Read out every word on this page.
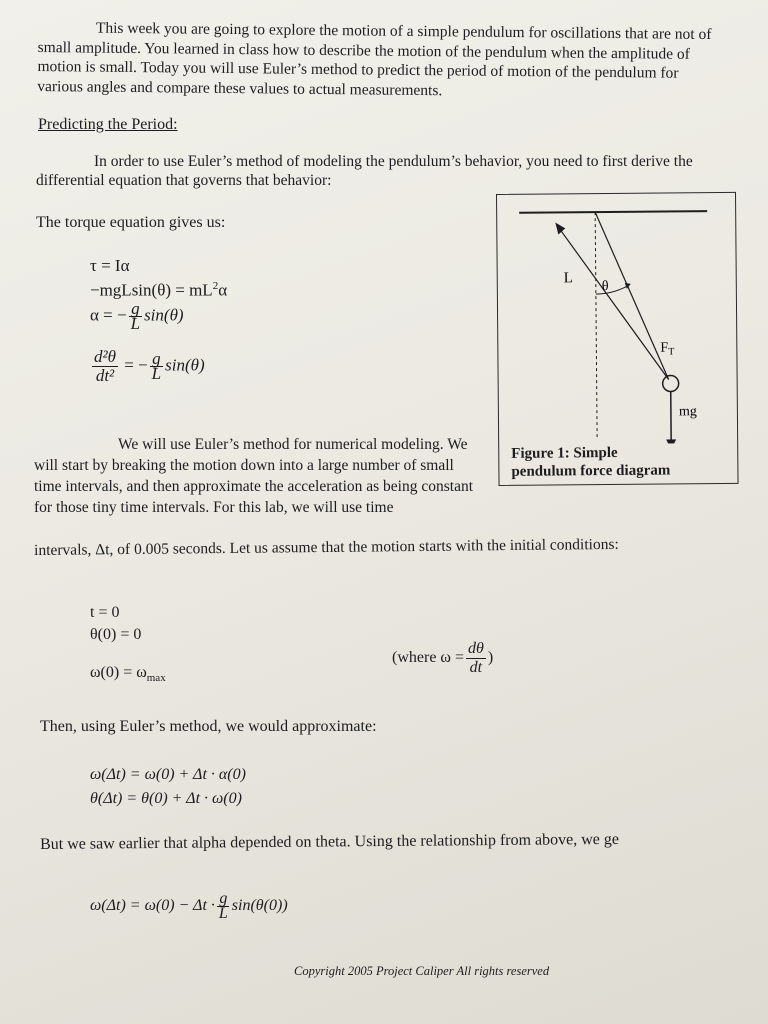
This week you are going to explore the motion of a simple pendulum for oscillations that are not of small amplitude. You learned in class how to describe the motion of the pendulum when the amplitude of motion is small. Today you will use Euler’s method to predict the period of motion of the pendulum for various angles and compare these values to actual measurements.

Predicting the Period:

In order to use Euler’s method of modeling the pendulum’s behavior, you need to first derive the differential equation that governs that behavior:

The torque equation gives us:
τ = Iα
$-mgLsin(\theta) = mL^2\alpha$
α = − $\frac{g}{L} \sin(\theta)$
$\frac{\text{d²θ}}{\text{dt²}}$ = − $\frac{g}{L} \sin(\theta)$
L
θ
$F_T$
mg
Figure 1: Simple
pendulum force diagram

We will use Euler’s method for numerical modeling. We will start by breaking the motion down into a large number of small time intervals, and then approximate the acceleration as being constant for those tiny time intervals. For this lab, we will use time

intervals, Δt, of 0.005 seconds. Let us assume that the motion starts with the initial conditions:
t = 0
θ(0) = 0
$\omega(0) = \omega_{max}$
(where $\omega = \frac{d\theta}{dt}$ )
Then, using Euler’s method, we would approximate:
ω(Δt) = ω(0) + Δt · α(0)
θ(Δt) = θ(0) + Δt · ω(0)
But we saw earlier that alpha depended on theta. Using the relationship from above, we ge
$\omega(\Delta t) = \omega(0) - \Delta t \cdot \frac{g}{L} \sin(\theta(0))$
Copyright 2005 Project Caliper All rights reserved
